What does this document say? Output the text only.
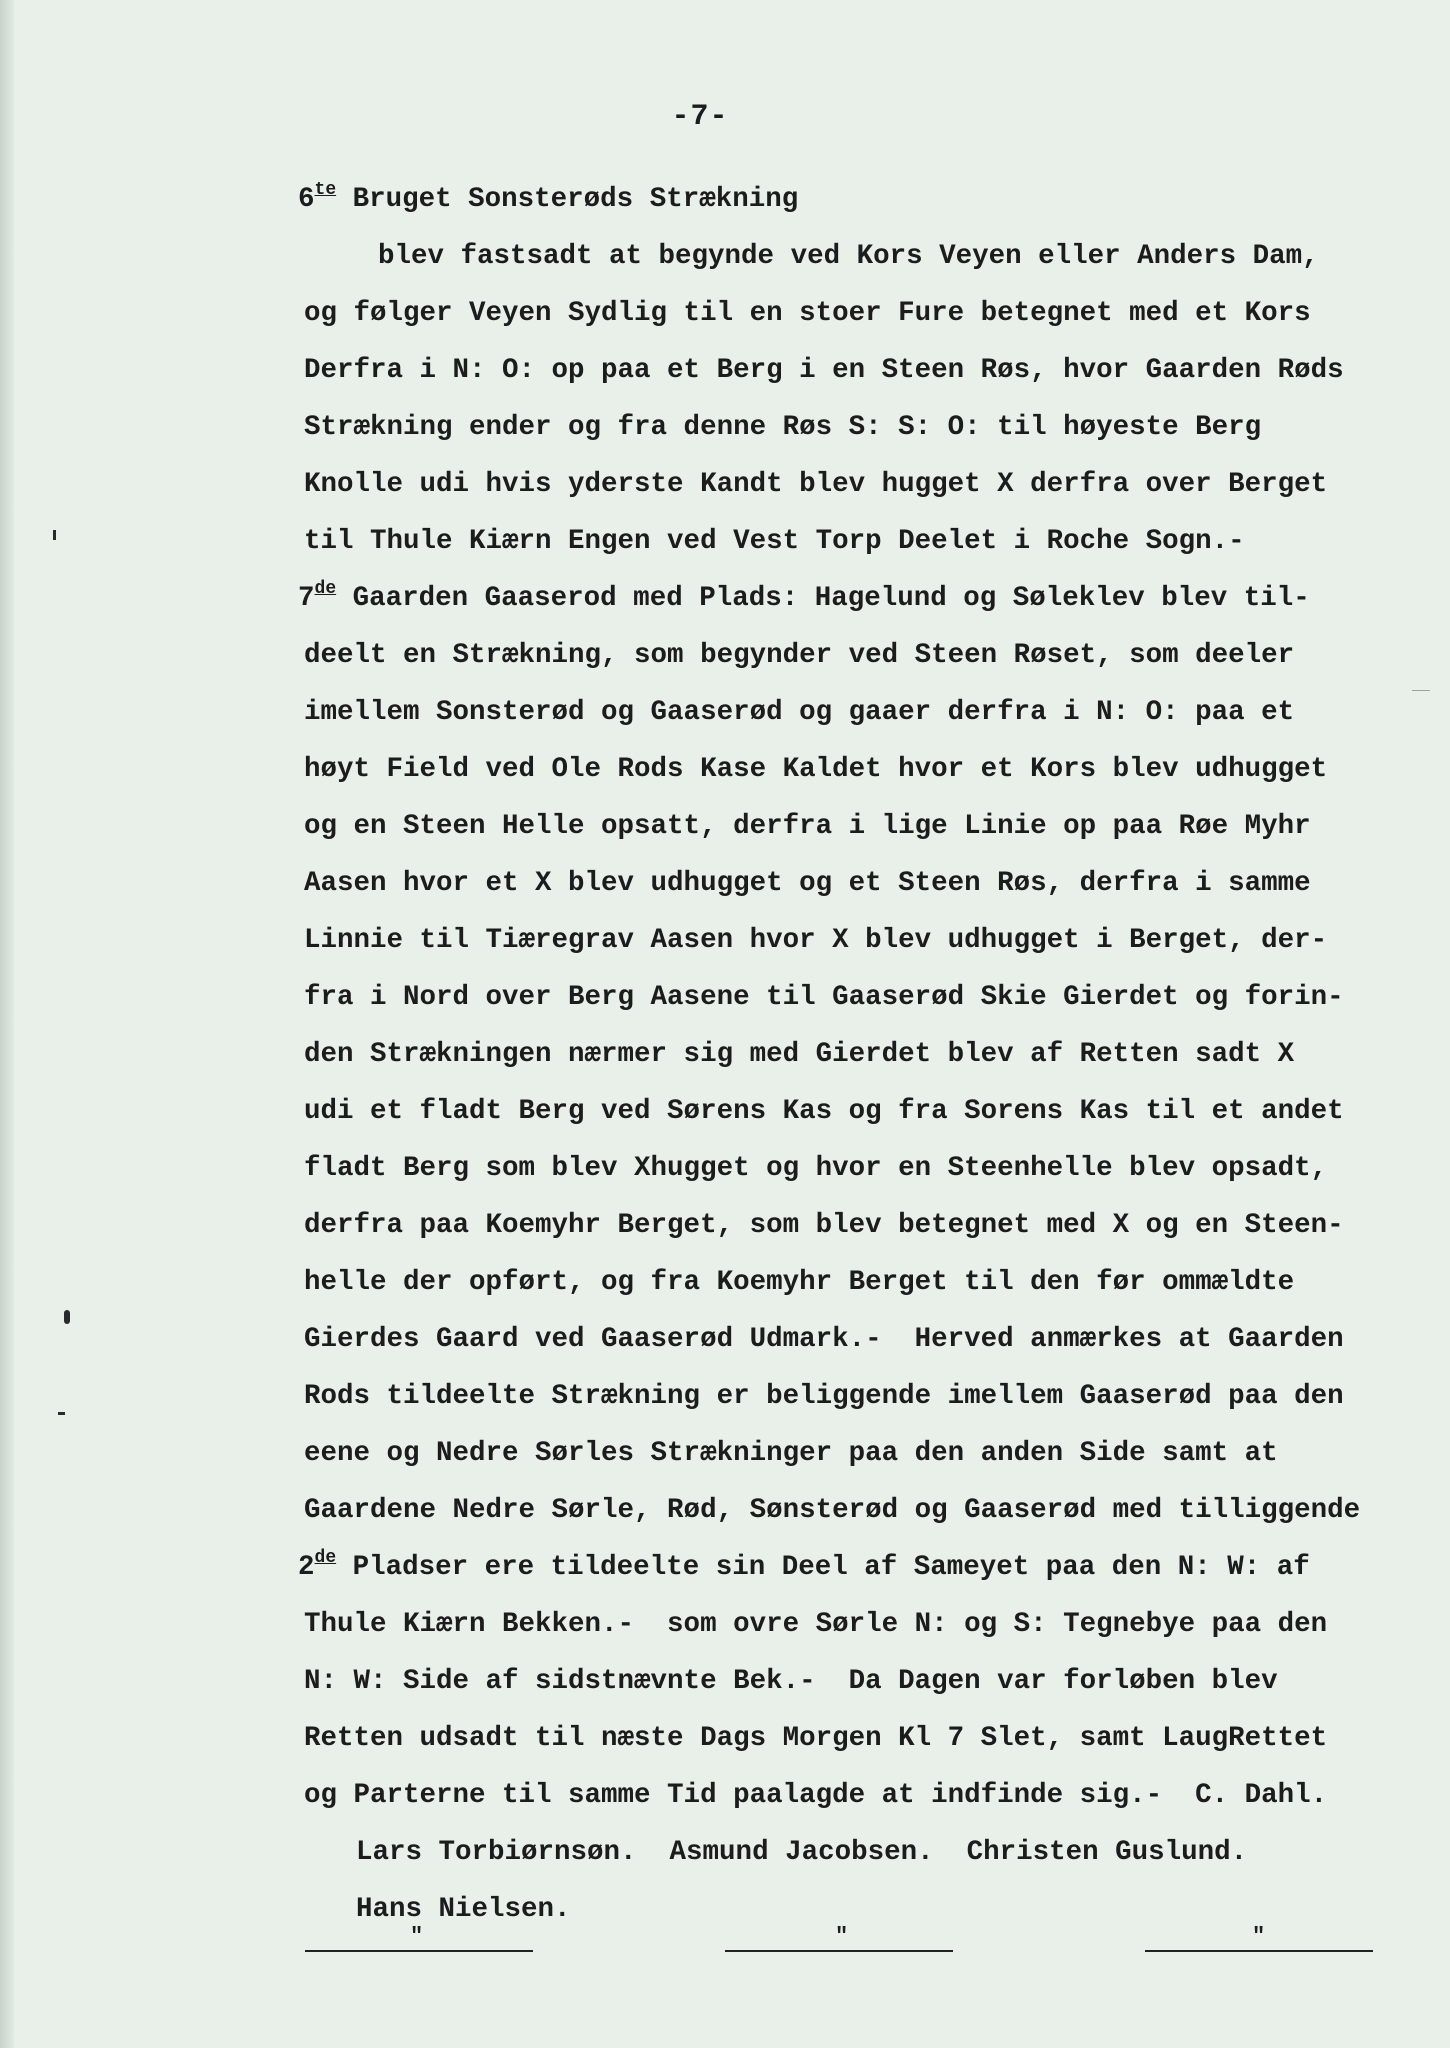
-7-
$6^{te}$ Bruget Sonsterøds Strækning
blev fastsadt at begynde ved Kors Veyen eller Anders Dam,
og følger Veyen Sydlig til en stoer Fure betegnet med et Kors
Derfra i N: O: op paa et Berg i en Steen Røs, hvor Gaarden Røds
Strækning ender og fra denne Røs S: S: O: til høyeste Berg
Knolle udi hvis yderste Kandt blev hugget X derfra over Berget
til Thule Kiærn Engen ved Vest Torp Deelet i Roche Sogn.-
7de Gaarden Gaaserod med Plads: Hagelund og Søleklev blev til-
deelt en Strækning, som begynder ved Steen Røset, som deeler
imellem Sonsterød og Gaaserød og gaaer derfra i N: O: paa et
høyt Field ved Ole Rods Kase Kaldet hvor et Kors blev udhugget
og en Steen Helle opsatt, derfra i lige Linie op paa Røe Myhr
Aasen hvor et X blev udhugget og et Steen Røs, derfra i samme
Linnie til Tiæregrav Aasen hvor X blev udhugget i Berget, der-
fra i Nord over Berg Aasene til Gaaserød Skie Gierdet og forin-
den Strækningen nærmer sig med Gierdet blev af Retten sadt X
udi et fladt Berg ved Sørens Kas og fra Sorens Kas til et andet
fladt Berg som blev Xhugget og hvor en Steenhelle blev opsadt,
derfra paa Koemyhr Berget, som blev betegnet med X og en Steen-
helle der opført, og fra Koemyhr Berget til den før ommældte
Gierdes Gaard ved Gaaserød Udmark.-  Herved anmærkes at Gaarden
Rods tildeelte Strækning er beliggende imellem Gaaserød paa den
eene og Nedre Sørles Strækninger paa den anden Side samt at
Gaardene Nedre Sørle, Rød, Sønsterød og Gaaserød med tilliggende
2de Pladser ere tildeelte sin Deel af Sameyet paa den N: W: af
Thule Kiærn Bekken.-  som ovre Sørle N: og S: Tegnebye paa den
N: W: Side af sidstnævnte Bek.-  Da Dagen var forløben blev
Retten udsadt til næste Dags Morgen Kl 7 Slet, samt LaugRettet
og Parterne til samme Tid paalagde at indfinde sig.-  C. Dahl.
Lars Torbiørnsøn.  Asmund Jacobsen.  Christen Guslund.
Hans Nielsen.
"	"	"
